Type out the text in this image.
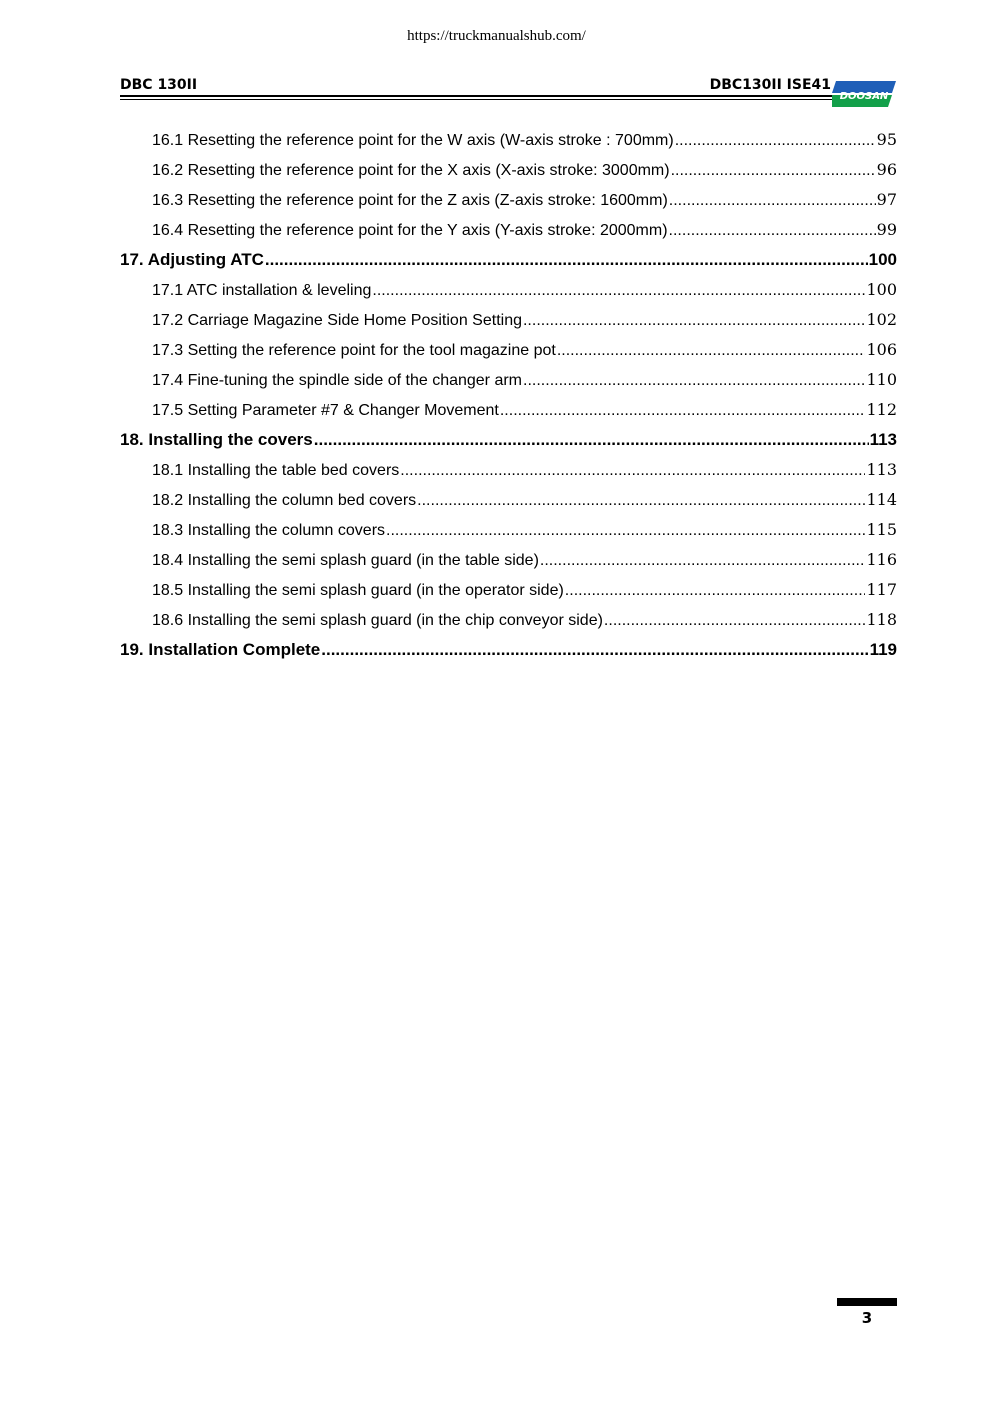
https://truckmanualshub.com/
DBC 130II	DBC130II ISE41
DOOSAN
16.1 Resetting the reference point for the W axis (W-axis stroke : 700mm) .....	95
16.2 Resetting the reference point for the X axis (X-axis stroke: 3000mm) .....	96
16.3 Resetting the reference point for the Z axis (Z-axis stroke: 1600mm) .....	97
16.4 Resetting the reference point for the Y axis (Y-axis stroke: 2000mm) .....	99
17. Adjusting ATC .....	100
17.1 ATC installation & leveling .....	100
17.2 Carriage Magazine Side Home Position Setting .....	102
17.3 Setting the reference point for the tool magazine pot .....	106
17.4 Fine-tuning the spindle side of the changer arm .....	110
17.5 Setting Parameter #7 & Changer Movement .....	112
18. Installing the covers .....	113
18.1 Installing the table bed covers .....	113
18.2 Installing the column bed covers .....	114
18.3 Installing the column covers .....	115
18.4 Installing the semi splash guard (in the table side) .....	116
18.5 Installing the semi splash guard (in the operator side) .....	117
18.6 Installing the semi splash guard (in the chip conveyor side) .....	118
19. Installation Complete .....	119
3
